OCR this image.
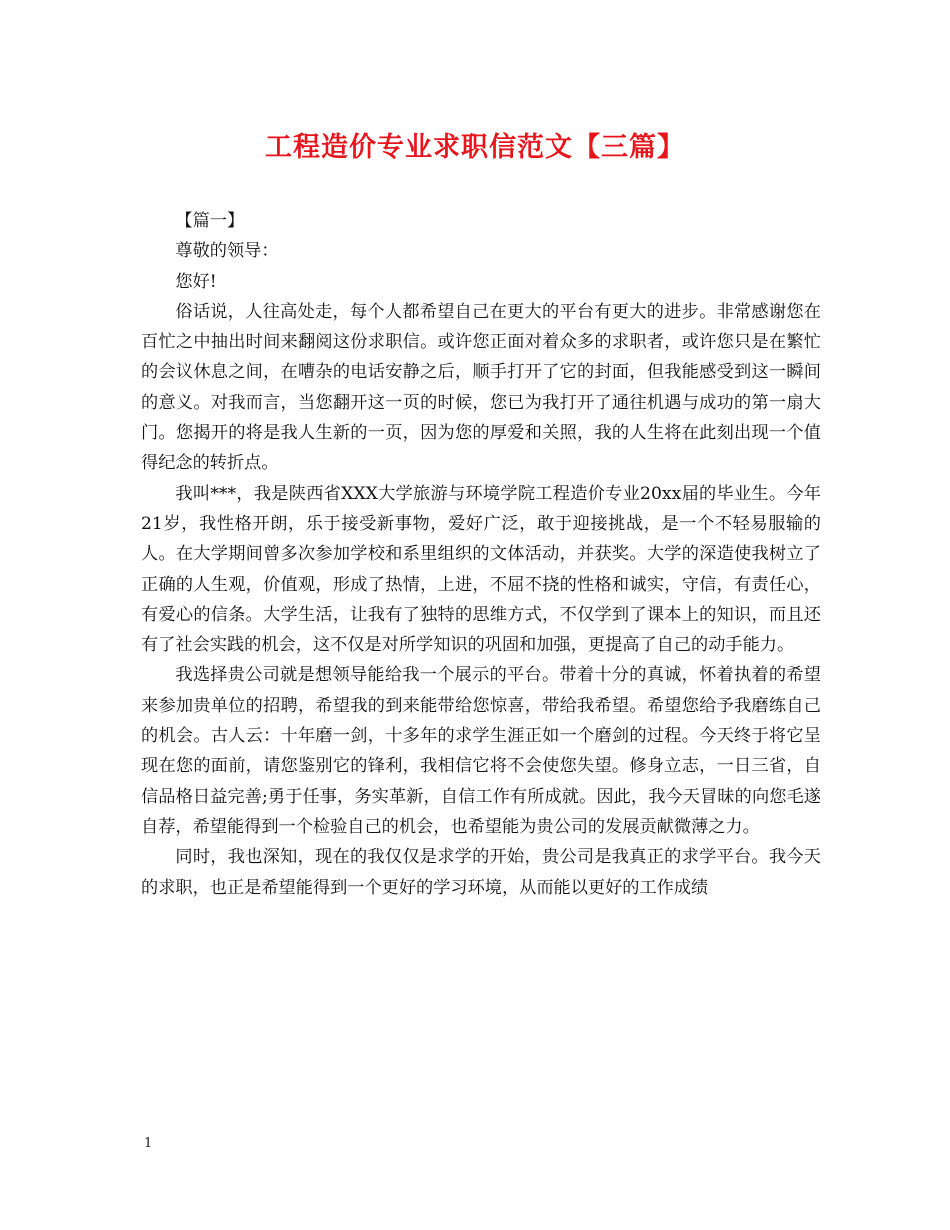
工程造价专业求职信范文【三篇】

【篇一】

尊敬的领导：

您好!

俗话说，人往高处走，每个人都希望自己在更大的平台有更大的进步。非常感谢您在百忙之中抽出时间来翻阅这份求职信。或许您正面对着众多的求职者，或许您只是在繁忙的会议休息之间，在嘈杂的电话安静之后，顺手打开了它的封面，但我能感受到这一瞬间的意义。对我而言，当您翻开这一页的时候，您已为我打开了通往机遇与成功的第一扇大门。您揭开的将是我人生新的一页，因为您的厚爱和关照，我的人生将在此刻出现一个值得纪念的转折点。

我叫***，我是陕西省XXX大学旅游与环境学院工程造价专业20xx届的毕业生。今年21岁，我性格开朗，乐于接受新事物，爱好广泛，敢于迎接挑战，是一个不轻易服输的人。在大学期间曾多次参加学校和系里组织的文体活动，并获奖。大学的深造使我树立了正确的人生观，价值观，形成了热情，上进，不屈不挠的性格和诚实，守信，有责任心，有爱心的信条。大学生活，让我有了独特的思维方式，不仅学到了课本上的知识，而且还有了社会实践的机会，这不仅是对所学知识的巩固和加强，更提高了自己的动手能力。

我选择贵公司就是想领导能给我一个展示的平台。带着十分的真诚，怀着执着的希望来参加贵单位的招聘，希望我的到来能带给您惊喜，带给我希望。希望您给予我磨练自己的机会。古人云：十年磨一剑，十多年的求学生涯正如一个磨剑的过程。今天终于将它呈现在您的面前，请您鉴别它的锋利，我相信它将不会使您失望。修身立志，一日三省，自信品格日益完善;勇于任事，务实革新，自信工作有所成就。因此，我今天冒昧的向您毛遂自荐，希望能得到一个检验自己的机会，也希望能为贵公司的发展贡献微薄之力。

同时，我也深知，现在的我仅仅是求学的开始，贵公司是我真正的求学平台。我今天的求职，也正是希望能得到一个更好的学习环境，从而能以更好的工作成绩

1
